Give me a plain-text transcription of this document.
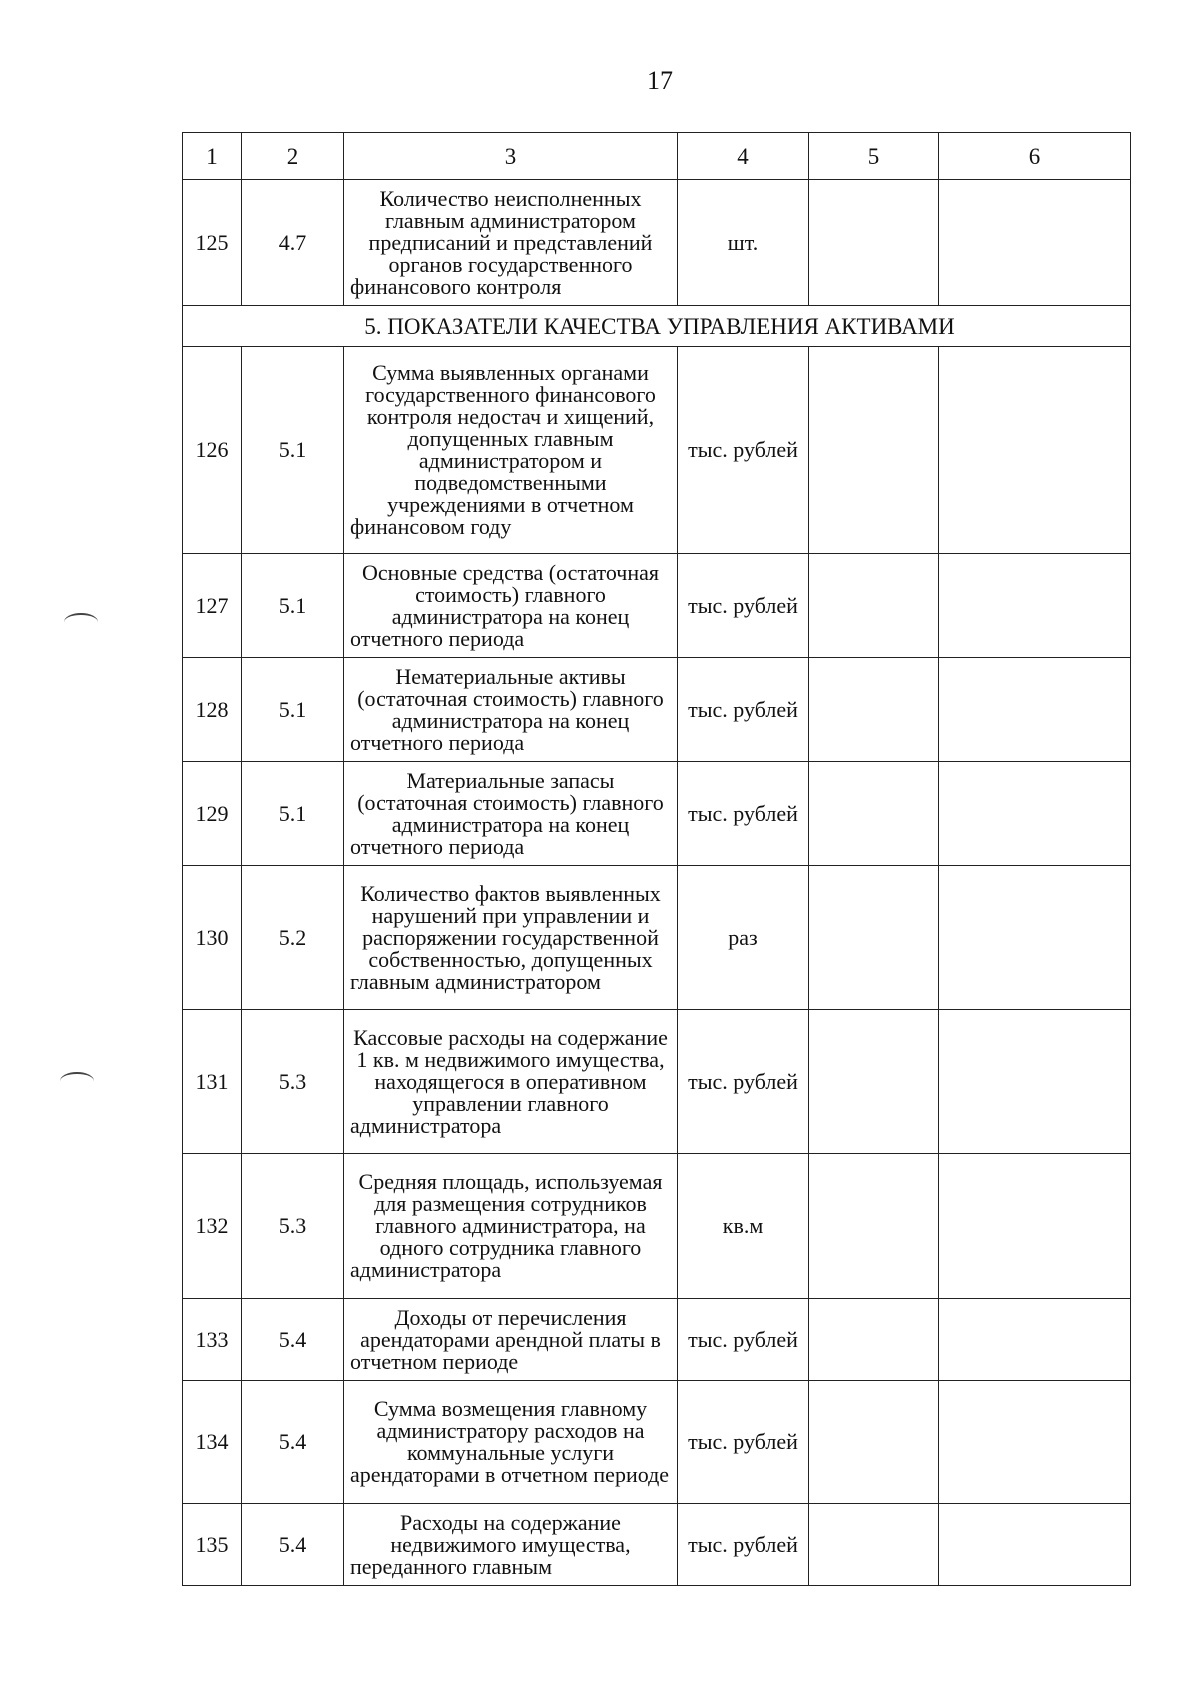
17
1	2	3	4	5	6
125	4.7	Количество неисполненных главным администратором предписаний и представлений органов государственного финансового контроля	шт.		
5. ПОКАЗАТЕЛИ КАЧЕСТВА УПРАВЛЕНИЯ АКТИВАМИ					
126	5.1	Сумма выявленных органами государственного финансового контроля недостач и хищений, допущенных главным администратором и подведомственными учреждениями в отчетном финансовом году	тыс. рублей		
127	5.1	Основные средства (остаточная стоимость) главного администратора на конец отчетного периода	тыс. рублей		
128	5.1	Нематериальные активы (остаточная стоимость) главного администратора на конец отчетного периода	тыс. рублей		
129	5.1	Материальные запасы (остаточная стоимость) главного администратора на конец отчетного периода	тыс. рублей		
130	5.2	Количество фактов выявленных нарушений при управлении и распоряжении государственной собственностью, допущенных главным администратором	раз		
131	5.3	Кассовые расходы на содержание 1 кв. м недвижимого имущества, находящегося в оперативном управлении главного администратора	тыс. рублей		
132	5.3	Средняя площадь, используемая для размещения сотрудников главного администратора, на одного сотрудника главного администратора	кв.м		
133	5.4	Доходы от перечисления арендаторами арендной платы в отчетном периоде	тыс. рублей		
134	5.4	Сумма возмещения главному администратору расходов на коммунальные услуги арендаторами в отчетном периоде	тыс. рублей		
135	5.4	Расходы на содержание недвижимого имущества, переданного главным	тыс. рублей		
